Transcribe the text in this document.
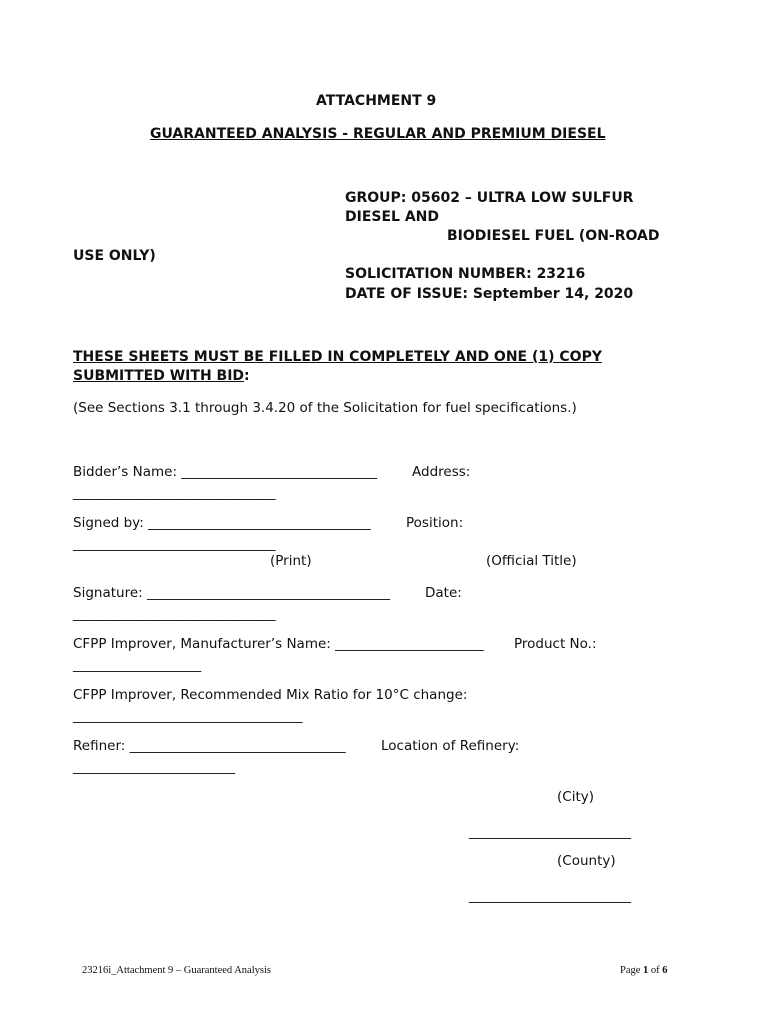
ATTACHMENT 9
GUARANTEED ANALYSIS - REGULAR AND PREMIUM DIESEL
GROUP: 05602 – ULTRA LOW SULFUR
DIESEL AND
BIODIESEL FUEL (ON-ROAD
USE ONLY)
SOLICITATION NUMBER: 23216
DATE OF ISSUE: September 14, 2020
THESE SHEETS MUST BE FILLED IN COMPLETELY AND ONE (1) COPY
SUBMITTED WITH BID:
(See Sections 3.1 through 3.4.20 of the Solicitation for fuel specifications.)
Bidder’s Name: _____________________________	Address:
______________________________
Signed by: _________________________________	Position:
______________________________
(Print)	(Official Title)
Signature: ____________________________________	Date:
______________________________
CFPP Improver, Manufacturer’s Name: ______________________ Product No.:
___________________
CFPP Improver, Recommended Mix Ratio for 10°C change:
__________________________________
Refiner: ________________________________	Location of Refinery:
________________________
(City)
________________________
(County)
________________________
23216i_Attachment 9 – Guaranteed Analysis	Page 1 of 6
